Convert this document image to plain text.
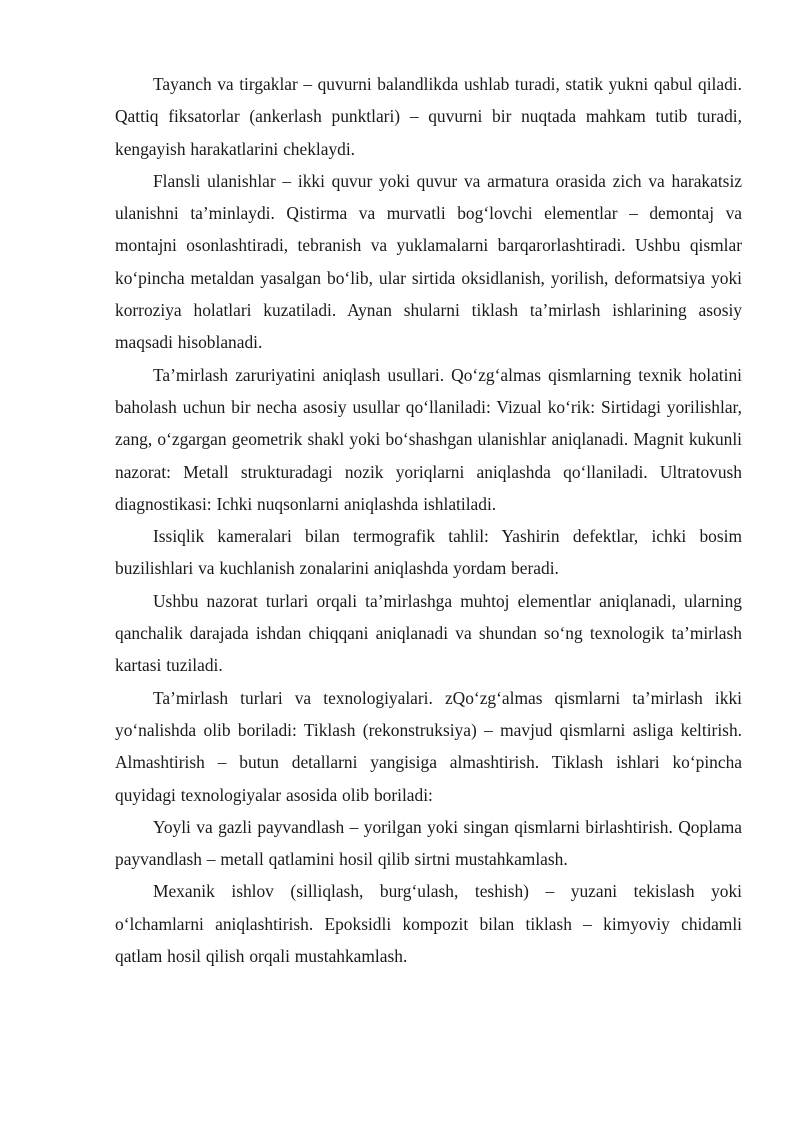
Tayanch va tirgaklar – quvurni balandlikda ushlab turadi, statik yukni qabul qiladi. Qattiq fiksatorlar (ankerlash punktlari) – quvurni bir nuqtada mahkam tutib turadi, kengayish harakatlarini cheklaydi.

Flansli ulanishlar – ikki quvur yoki quvur va armatura orasida zich va harakatsiz ulanishni ta’minlaydi. Qistirma va murvatli bog‘lovchi elementlar – demontaj va montajni osonlashtiradi, tebranish va yuklamalarni barqarorlashtiradi. Ushbu qismlar ko‘pincha metaldan yasalgan bo‘lib, ular sirtida oksidlanish, yorilish, deformatsiya yoki korroziya holatlari kuzatiladi. Aynan shularni tiklash ta’mirlash ishlarining asosiy maqsadi hisoblanadi.

Ta’mirlash zaruriyatini aniqlash usullari. Qo‘zg‘almas qismlarning texnik holatini baholash uchun bir necha asosiy usullar qo‘llaniladi: Vizual ko‘rik: Sirtidagi yorilishlar, zang, o‘zgargan geometrik shakl yoki bo‘shashgan ulanishlar aniqlanadi. Magnit kukunli nazorat: Metall strukturadagi nozik yoriqlarni aniqlashda qo‘llaniladi. Ultratovush diagnostikasi: Ichki nuqsonlarni aniqlashda ishlatiladi.

Issiqlik kameralari bilan termografik tahlil: Yashirin defektlar, ichki bosim buzilishlari va kuchlanish zonalarini aniqlashda yordam beradi.

Ushbu nazorat turlari orqali ta’mirlashga muhtoj elementlar aniqlanadi, ularning qanchalik darajada ishdan chiqqani aniqlanadi va shundan so‘ng texnologik ta’mirlash kartasi tuziladi.

Ta’mirlash turlari va texnologiyalari. zQo‘zg‘almas qismlarni ta’mirlash ikki yo‘nalishda olib boriladi: Tiklash (rekonstruksiya) – mavjud qismlarni asliga keltirish. Almashtirish – butun detallarni yangisiga almashtirish. Tiklash ishlari ko‘pincha quyidagi texnologiyalar asosida olib boriladi:

Yoyli va gazli payvandlash – yorilgan yoki singan qismlarni birlashtirish. Qoplama payvandlash – metall qatlamini hosil qilib sirtni mustahkamlash.

Mexanik ishlov (silliqlash, burg‘ulash, teshish) – yuzani tekislash yoki o‘lchamlarni aniqlashtirish. Epoksidli kompozit bilan tiklash – kimyoviy chidamli qatlam hosil qilish orqali mustahkamlash.
